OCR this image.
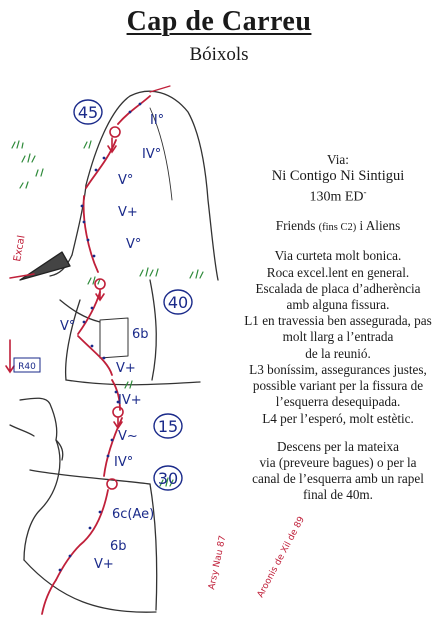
45
40
15
30
II°
IV°
V°
V+
V°
V°
6b
V+
IV+
V~
IV°
6c(Ae)
6b
V+
Excal
R40
Arsy Nau 87	Aroonis de Xil de 89
Cap de Carreu
Bóixols
Via:
Ni Contigo Ni Sintigui
130m ED-
Friends (fins C2) i Aliens
Via curteta molt bonica.
Roca excel.lent en general.
Escalada de placa d’adherència
amb alguna fissura.
L1 en travessia ben assegurada, pas
molt llarg a l’entrada
de la reunió.
L3 boníssim, assegurances justes,
possible variant per la fissura de
l’esquerra desequipada.
L4 per l’esperó, molt estètic.
Descens per la mateixa
via (preveure bagues) o per la
canal de l’esquerra amb un rapel
final de 40m.
